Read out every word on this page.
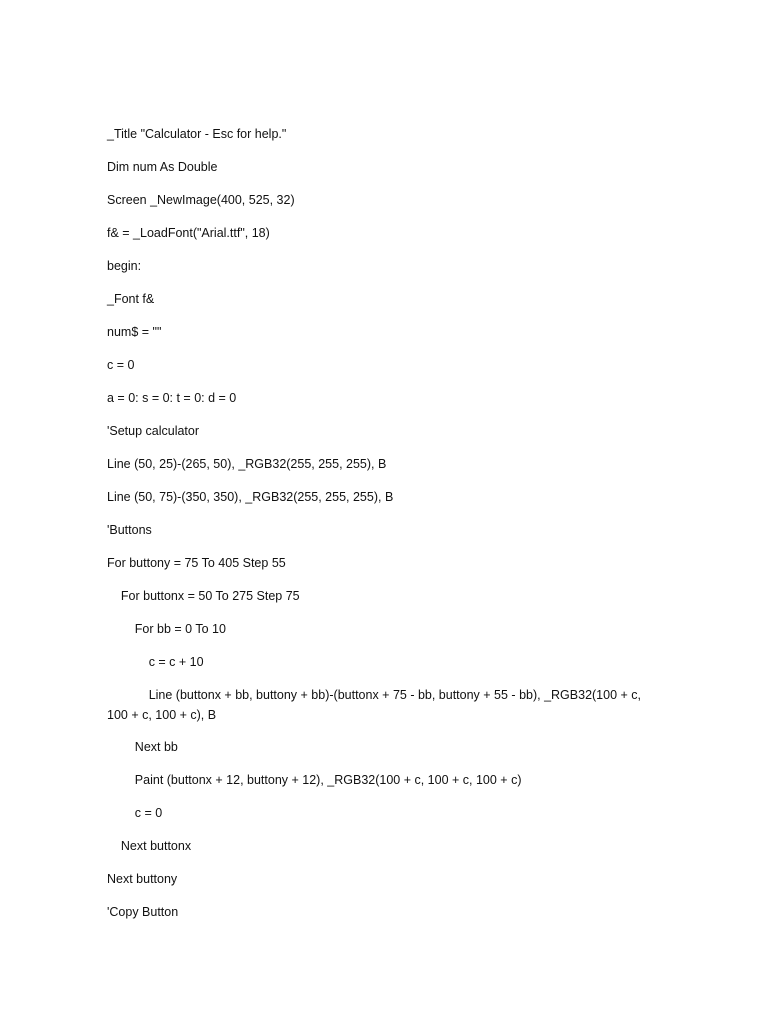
_Title "Calculator - Esc for help."

Dim num As Double

Screen _NewImage(400, 525, 32)

f& = _LoadFont("Arial.ttf", 18)

begin:

_Font f&

num$ = ""

c = 0

a = 0: s = 0: t = 0: d = 0

'Setup calculator

Line (50, 25)-(265, 50), _RGB32(255, 255, 255), B

Line (50, 75)-(350, 350), _RGB32(255, 255, 255), B

'Buttons

For buttony = 75 To 405 Step 55

For buttonx = 50 To 275 Step 75

For bb = 0 To 10

c = c + 10

Line (buttonx + bb, buttony + bb)-(buttonx + 75 - bb, buttony + 55 - bb), _RGB32(100 + c,
100 + c, 100 + c), B

Next bb

Paint (buttonx + 12, buttony + 12), _RGB32(100 + c, 100 + c, 100 + c)

c = 0

Next buttonx

Next buttony

'Copy Button
